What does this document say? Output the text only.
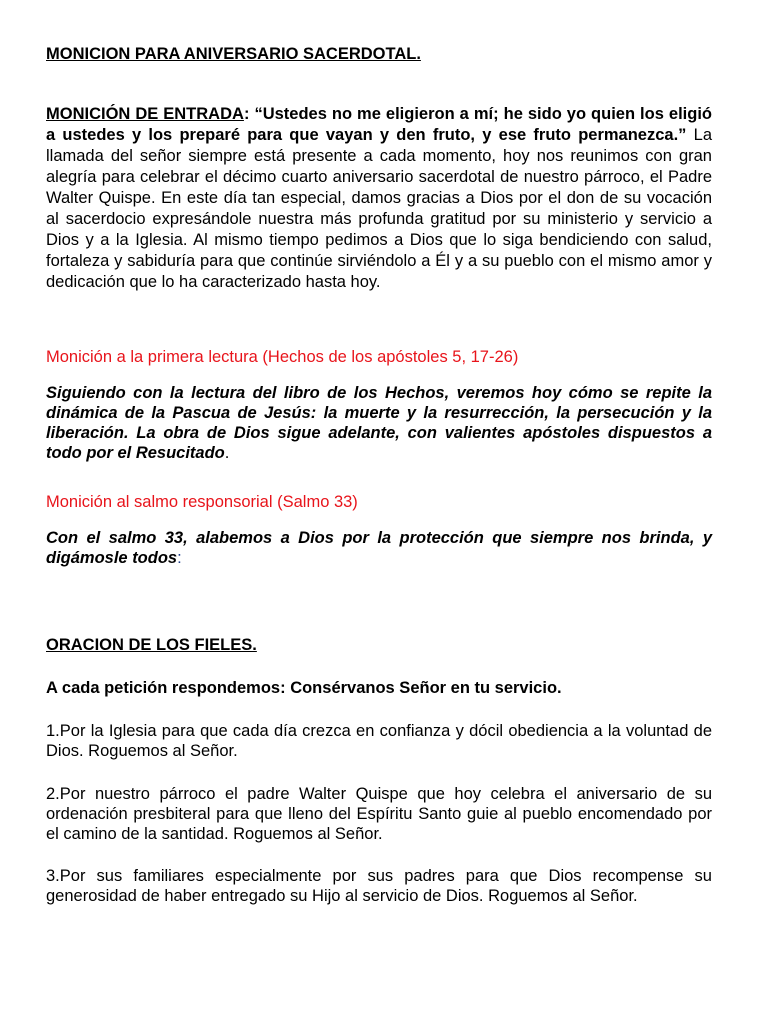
MONICION PARA ANIVERSARIO SACERDOTAL.

MONICIÓN DE ENTRADA: “Ustedes no me eligieron a mí; he sido yo quien los eligió a ustedes y los preparé para que vayan y den fruto, y ese fruto permanezca.” La llamada del señor siempre está presente a cada momento, hoy nos reunimos con gran alegría para celebrar el décimo cuarto aniversario sacerdotal de nuestro párroco, el Padre Walter Quispe. En este día tan especial, damos gracias a Dios por el don de su vocación al sacerdocio expresándole nuestra más profunda gratitud por su ministerio y servicio a Dios y a la Iglesia. Al mismo tiempo pedimos a Dios que lo siga bendiciendo con salud, fortaleza y sabiduría para que continúe sirviéndolo a Él y a su pueblo con el mismo amor y dedicación que lo ha caracterizado hasta hoy.

Monición a la primera lectura (Hechos de los apóstoles 5, 17-26)

Siguiendo con la lectura del libro de los Hechos, veremos hoy cómo se repite la dinámica de la Pascua de Jesús: la muerte y la resurrección, la persecución y la liberación. La obra de Dios sigue adelante, con valientes apóstoles dispuestos a todo por el Resucitado.

Monición al salmo responsorial (Salmo 33)

Con el salmo 33, alabemos a Dios por la protección que siempre nos brinda, y digámosle todos:

ORACION DE LOS FIELES.

A cada petición respondemos: Consérvanos Señor en tu servicio.

1.Por la Iglesia para que cada día crezca en confianza y dócil obediencia a la voluntad de Dios. Roguemos al Señor.

2.Por nuestro párroco el padre Walter Quispe que hoy celebra el aniversario de su ordenación presbiteral para que lleno del Espíritu Santo guie al pueblo encomendado por el camino de la santidad. Roguemos al Señor.

3.Por sus familiares especialmente por sus padres para que Dios recompense su generosidad de haber entregado su Hijo al servicio de Dios. Roguemos al Señor.
